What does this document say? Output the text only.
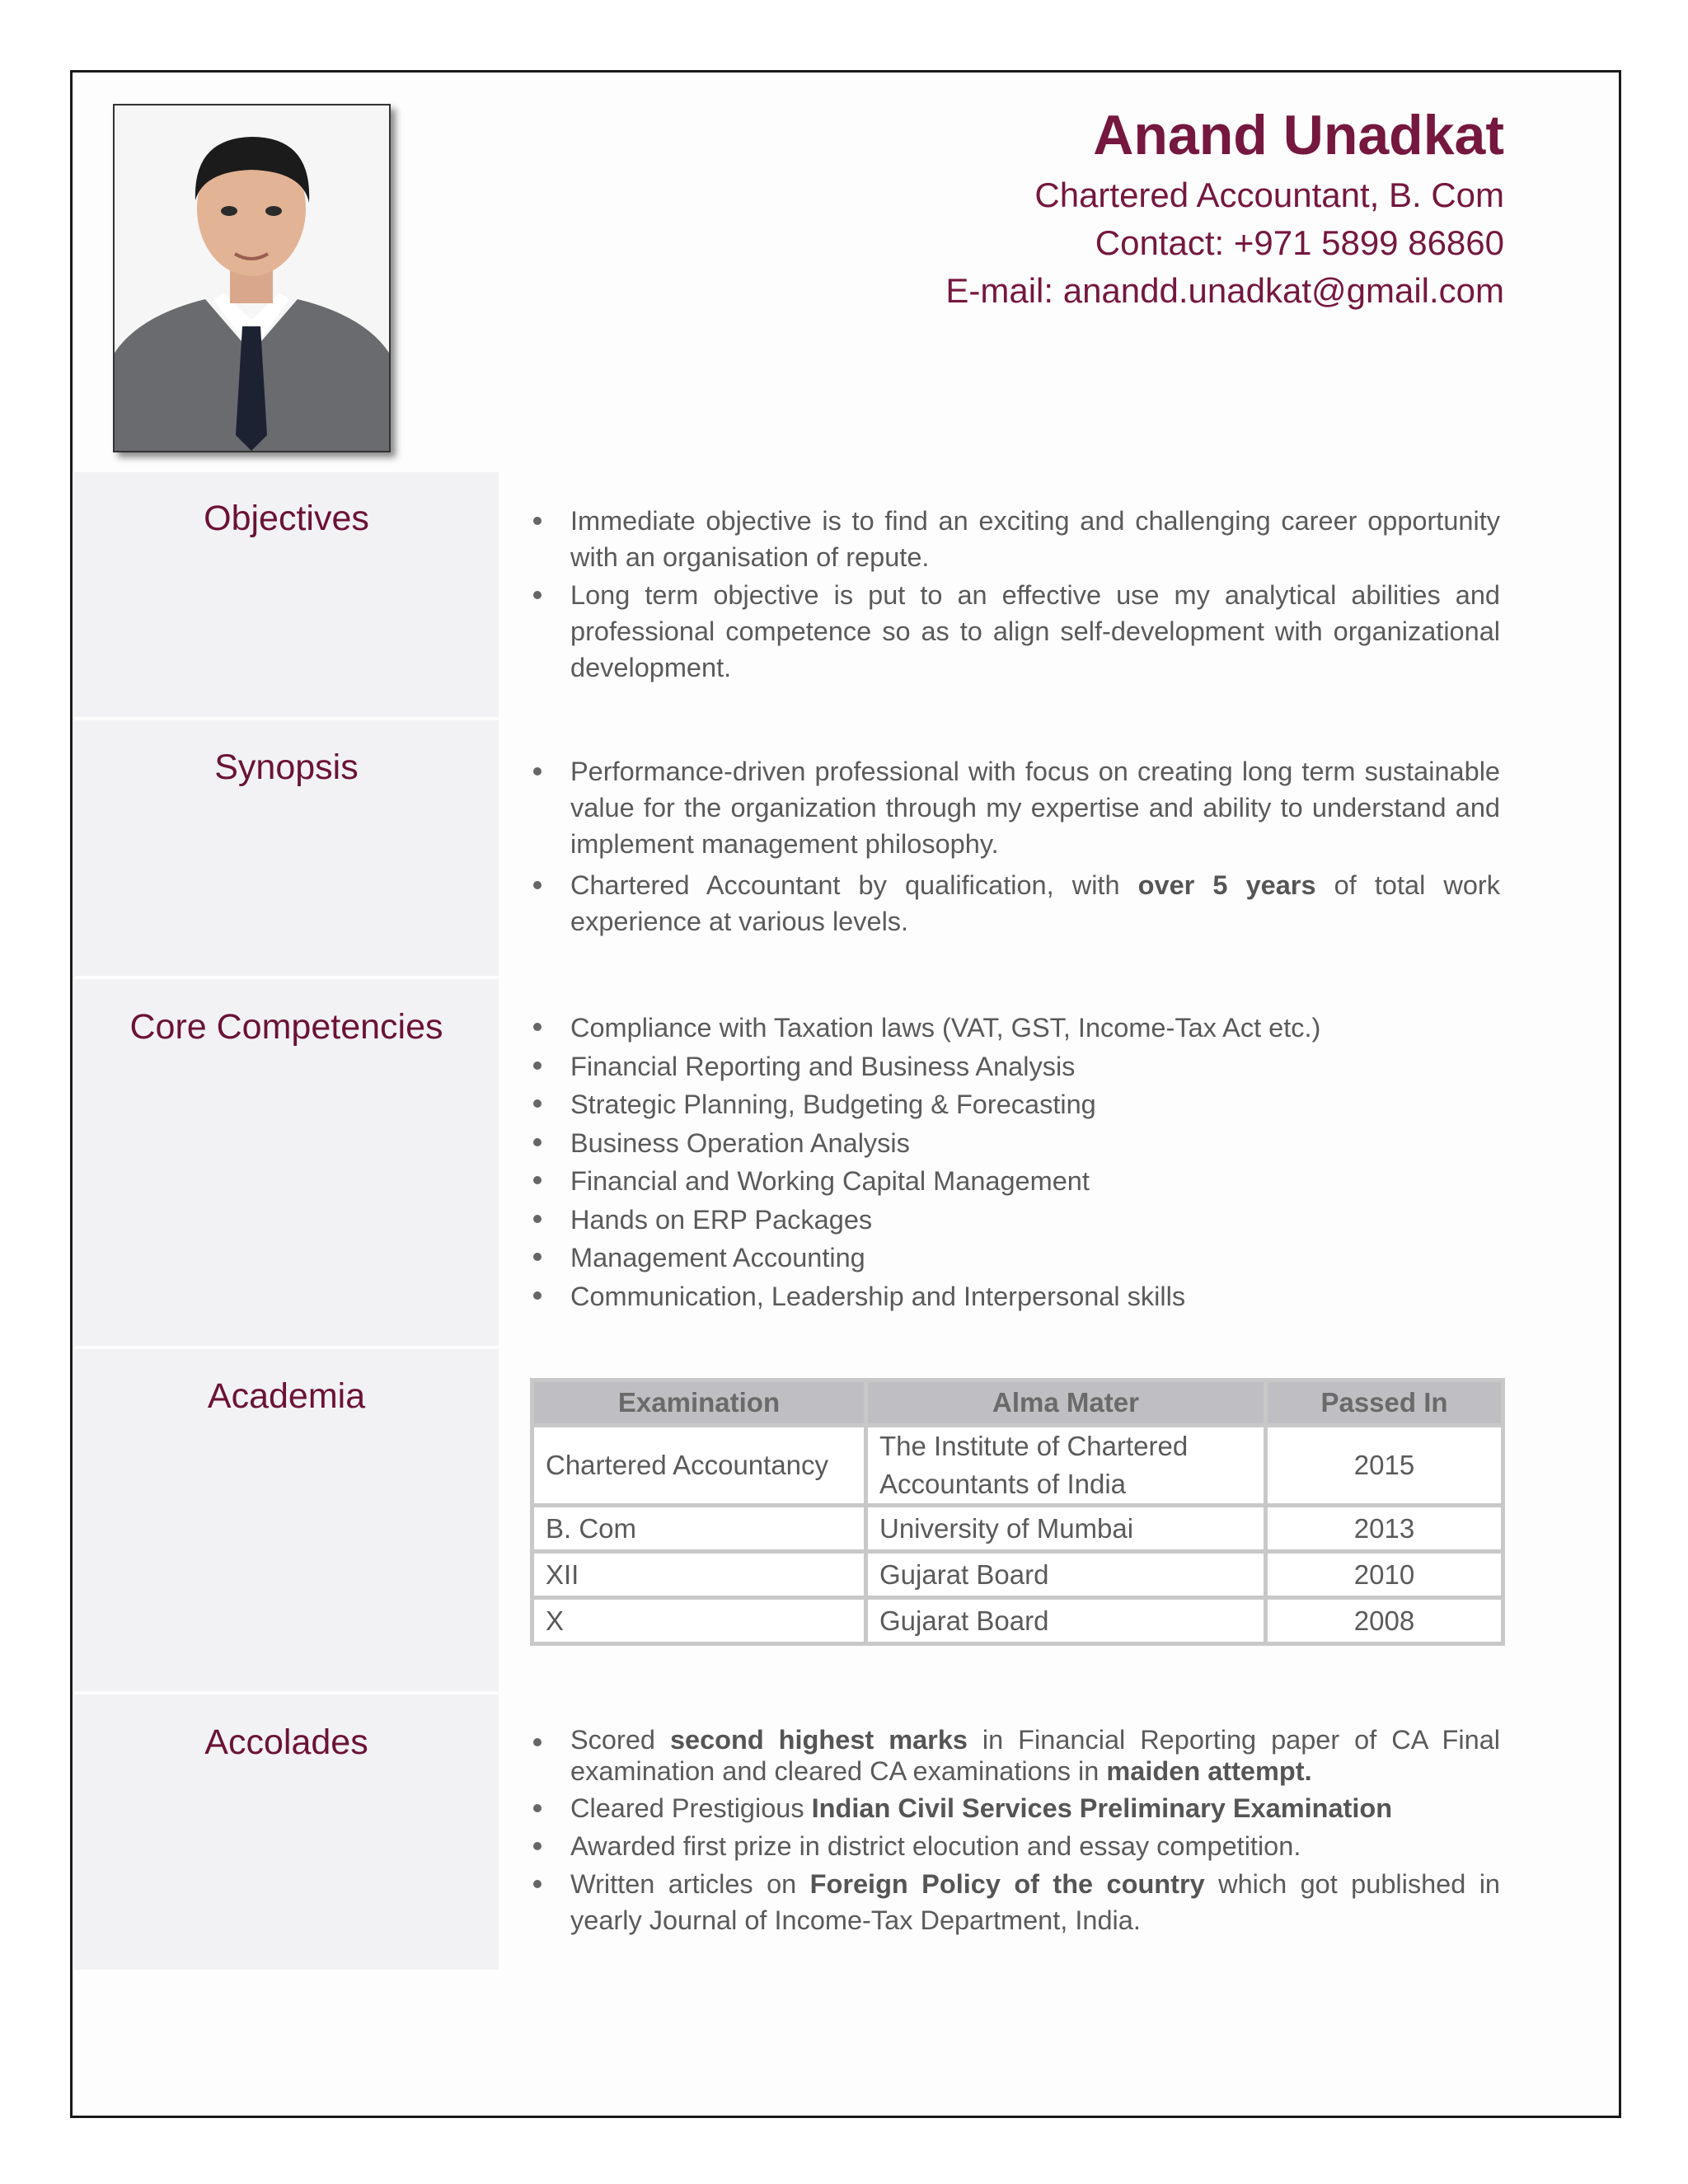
Anand Unadkat
Chartered Accountant, B. Com
Contact: +971 5899 86860
E-mail: anandd.unadkat@gmail.com
Objectives	Immediate objective is to find an exciting and challenging career opportunity with an organisation of repute.
Long term objective is put to an effective use my analytical abilities and professional competence so as to align self-development with organizational development.
Synopsis	Performance-driven professional with focus on creating long term sustainable value for the organization through my expertise and ability to understand and implement management philosophy.
Chartered Accountant by qualification, with over 5 years of total work experience at various levels.
Core Competencies	Compliance with Taxation laws (VAT, GST, Income-Tax Act etc.)
Financial Reporting and Business Analysis
Strategic Planning, Budgeting & Forecasting
Business Operation Analysis
Financial and Working Capital Management
Hands on ERP Packages
Management Accounting
Communication, Leadership and Interpersonal skills
Academia	Examination	Alma Mater	Passed In
Chartered Accountancy	The Institute of Chartered Accountants of India	2015
B. Com	University of Mumbai	2013
XII	Gujarat Board	2010
X	Gujarat Board	2008
Accolades	Scored second highest marks in Financial Reporting paper of CA Final examination and cleared CA examinations in maiden attempt.
Cleared Prestigious Indian Civil Services Preliminary Examination
Awarded first prize in district elocution and essay competition.
Written articles on Foreign Policy of the country which got published in yearly Journal of Income-Tax Department, India.
